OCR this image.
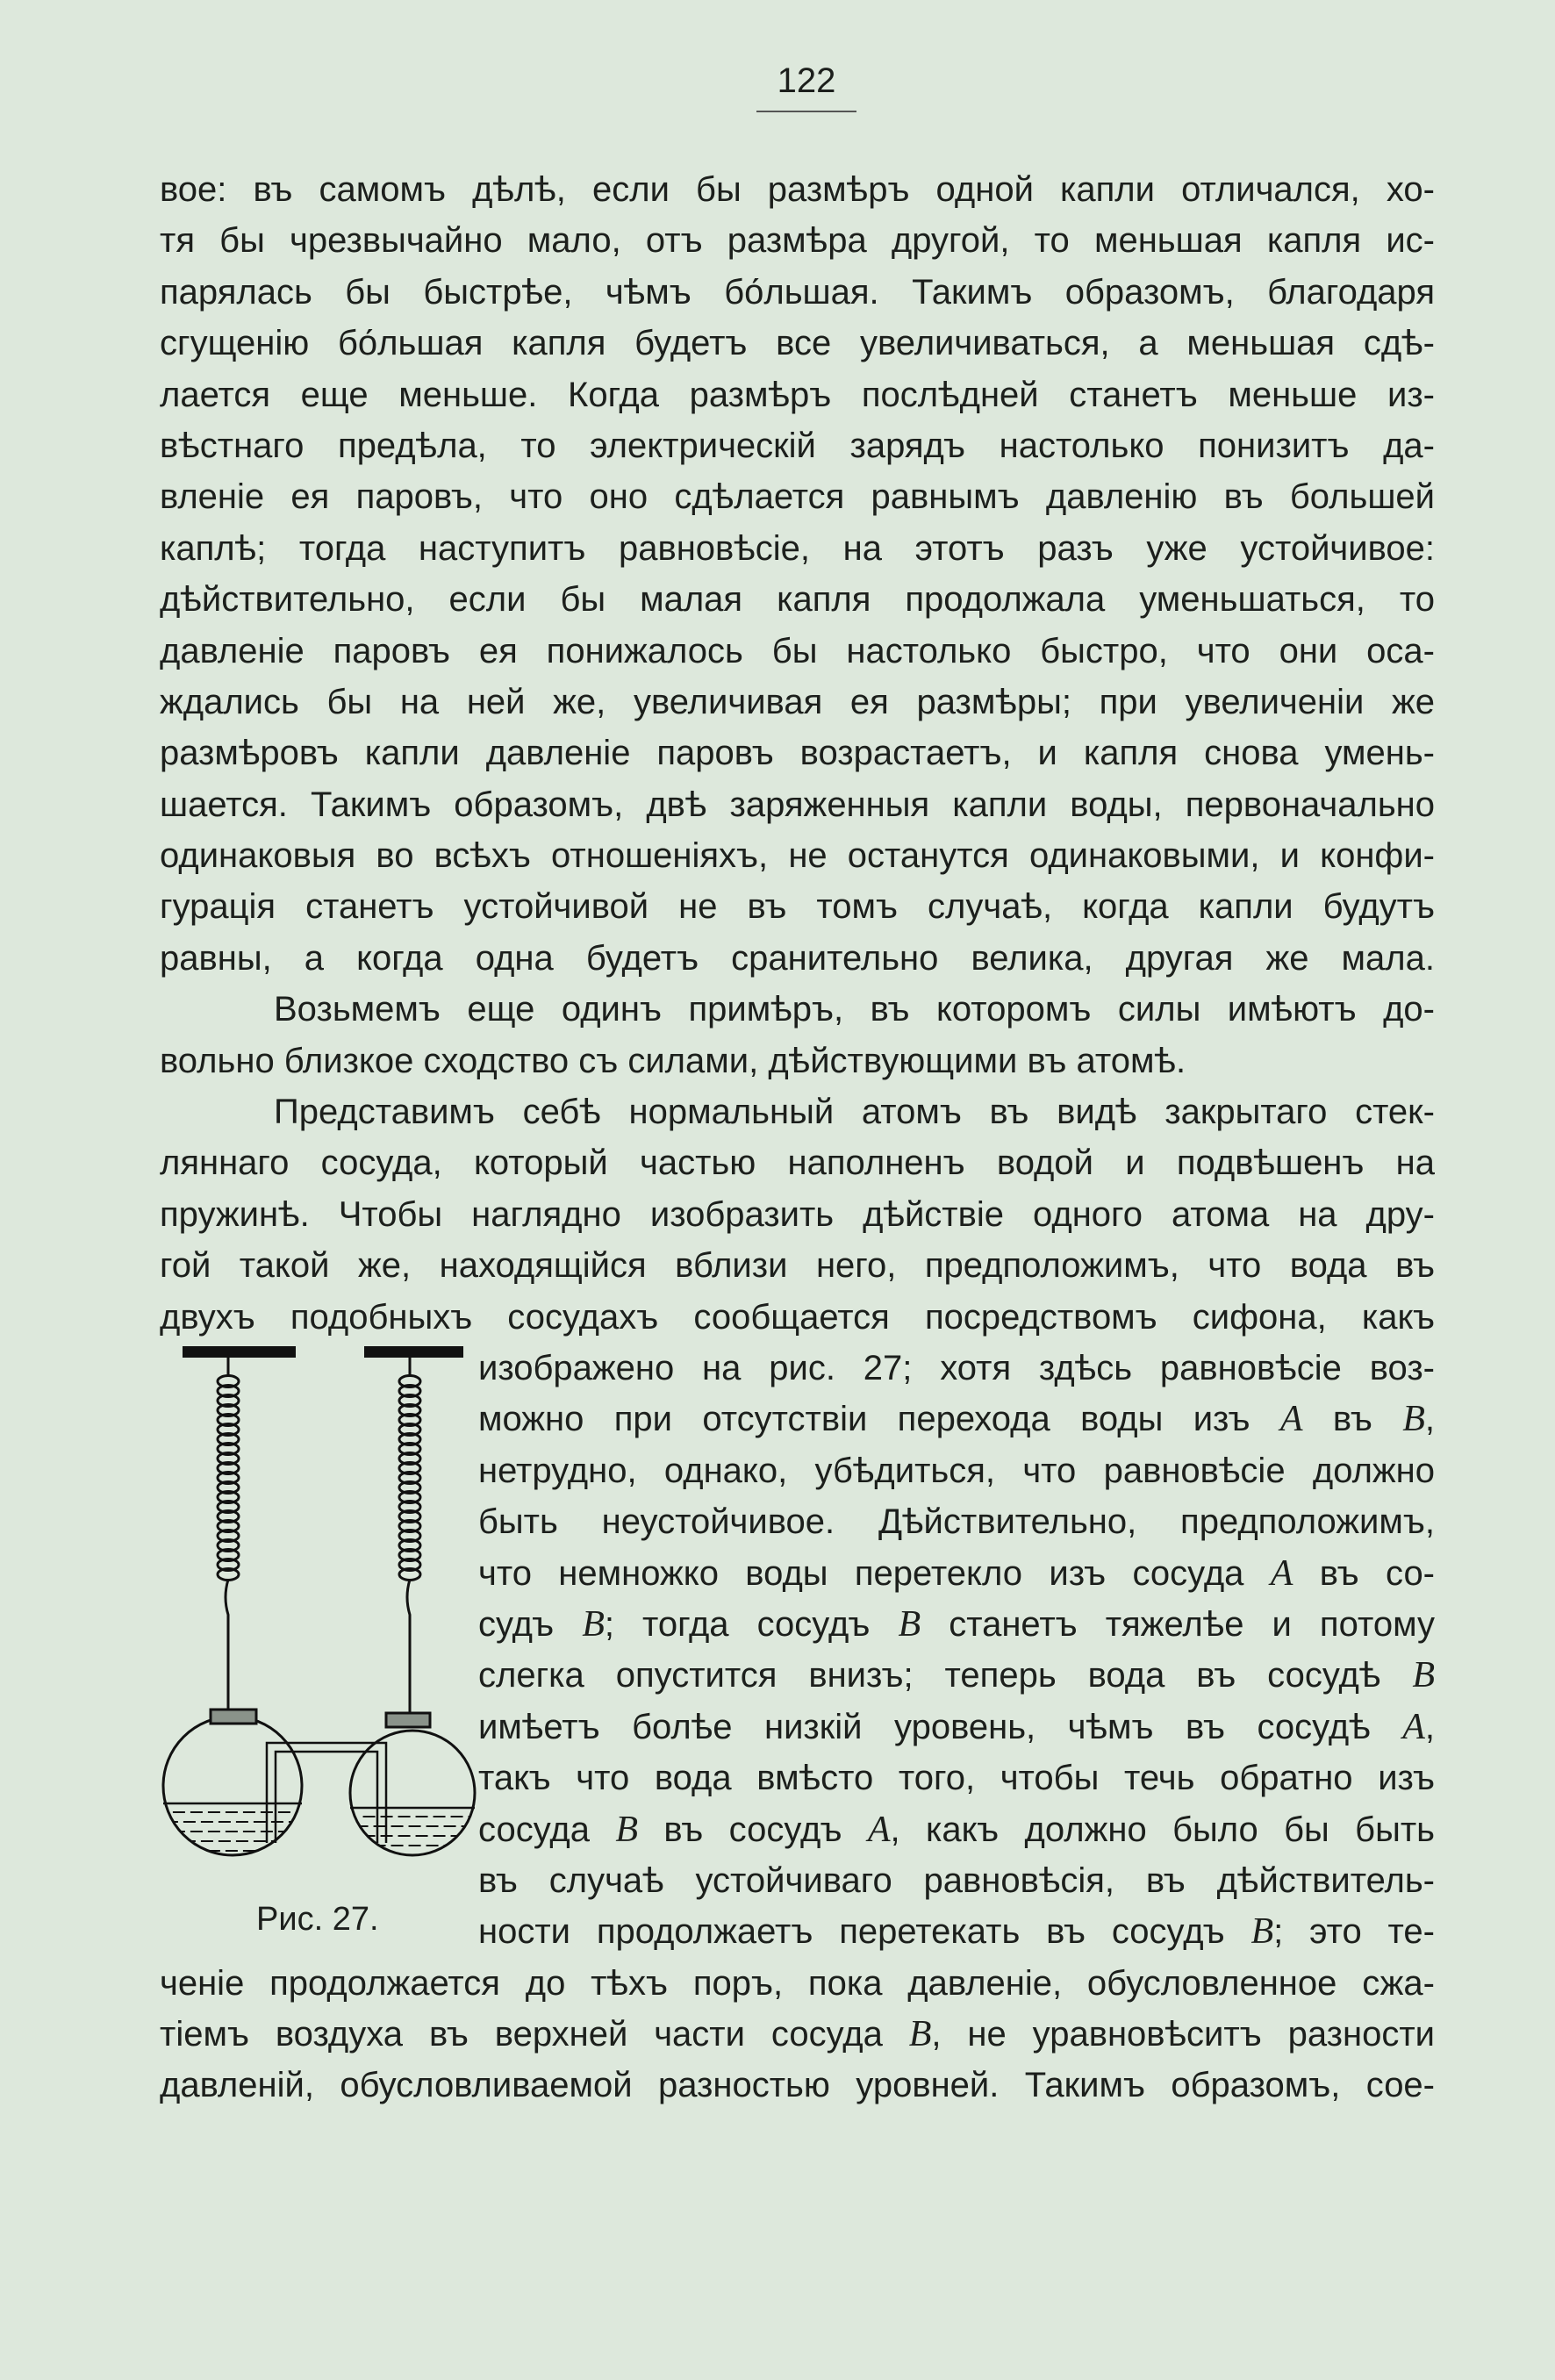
122
вое: въ самомъ дѣлѣ, если бы размѣръ одной капли отличался, хо-
тя бы чрезвычайно мало, отъ размѣра другой, то меньшая капля ис-
парялась бы быстрѣе, чѣмъ бо́льшая. Такимъ образомъ, благодаря
сгущенію бо́льшая капля будетъ все увеличиваться, а меньшая сдѣ-
лается еще меньше. Когда размѣръ послѣдней станетъ меньше из-
вѣстнаго предѣла, то электрическій зарядъ настолько понизитъ да-
вленіе ея паровъ, что оно сдѣлается равнымъ давленію въ большей
каплѣ; тогда наступитъ равновѣсіе, на этотъ разъ уже устойчивое:
дѣйствительно, если бы малая капля продолжала уменьшаться, то
давленіе паровъ ея понижалось бы настолько быстро, что они оса-
ждались бы на ней же, увеличивая ея размѣры; при увеличеніи же
размѣровъ капли давленіе паровъ возрастаетъ, и капля снова умень-
шается. Такимъ образомъ, двѣ заряженныя капли воды, первоначально
одинаковыя во всѣхъ отношеніяхъ, не останутся одинаковыми, и конфи-
гурація станетъ устойчивой не въ томъ случаѣ, когда капли будутъ
равны, а когда одна будетъ сранительно велика, другая же мала.
Возьмемъ еще одинъ примѣръ, въ которомъ силы имѣютъ до-
вольно близкое сходство съ силами, дѣйствующими въ атомѣ.
Представимъ себѣ нормальный атомъ въ видѣ закрытаго стек-
ляннаго сосуда, который частью наполненъ водой и подвѣшенъ на
пружинѣ. Чтобы наглядно изобразить дѣйствіе одного атома на дру-
гой такой же, находящійся вблизи него, предположимъ, что вода въ
двухъ подобныхъ сосудахъ сообщается посредствомъ сифона, какъ
изображено на рис. 27; хотя здѣсь равновѣсіе воз-
можно при отсутствіи перехода воды изъ A въ B,
нетрудно, однако, убѣдиться, что равновѣсіе должно
быть неустойчивое. Дѣйствительно, предположимъ,
что немножко воды перетекло изъ сосуда A въ со-
судъ B; тогда сосудъ B станетъ тяжелѣе и потому
слегка опустится внизъ; теперь вода въ сосудѣ B
имѣетъ болѣе низкій уровень, чѣмъ въ сосудѣ A,
такъ что вода вмѣсто того, чтобы течь обратно изъ
сосуда B въ сосудъ A, какъ должно было бы быть
въ случаѣ устойчиваго равновѣсія, въ дѣйствитель-
ности продолжаетъ перетекать въ сосудъ B; это те-
ченіе продолжается до тѣхъ поръ, пока давленіе, обусловленное сжа-
тіемъ воздуха въ верхней части сосуда B, не уравновѣситъ разности
давленій, обусловливаемой разностью уровней. Такимъ образомъ, сое-
Рис. 27.
